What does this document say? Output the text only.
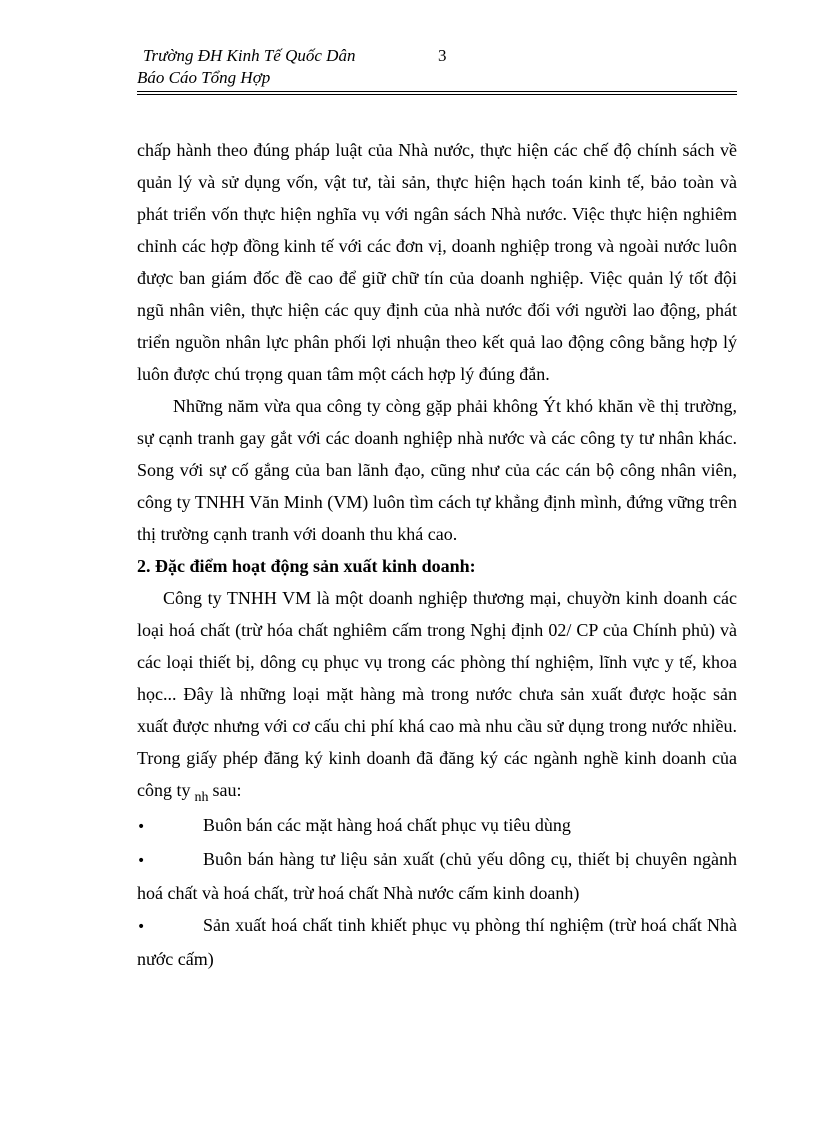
Trường ĐH Kinh Tế Quốc Dân	3
Báo Cáo Tổng Hợp

chấp hành theo đúng pháp luật của Nhà nước, thực hiện các chế độ chính sách về quản lý và sử dụng vốn, vật tư, tài sản, thực hiện hạch toán kinh tế, bảo toàn và phát triển vốn thực hiện nghĩa vụ với ngân sách Nhà nước. Việc thực hiện nghiêm chỉnh các hợp đồng kinh tế với các đơn vị, doanh nghiệp trong và ngoài nước luôn được ban giám đốc đề cao để giữ chữ tín của doanh nghiệp. Việc quản lý tốt đội ngũ nhân viên, thực hiện các quy định của nhà nước đối với người lao động, phát triển nguồn nhân lực phân phối lợi nhuận theo kết quả lao động công bằng hợp lý luôn được chú trọng quan tâm một cách hợp lý đúng đắn.

Những năm vừa qua công ty còng gặp phải không Ýt khó khăn về thị trường, sự cạnh tranh gay gắt với các doanh nghiệp nhà nước và các công ty tư nhân khác. Song với sự cố gắng của ban lãnh đạo, cũng như của các cán bộ công nhân viên, công ty TNHH Văn Minh (VM) luôn tìm cách tự khẳng định mình, đứng vững trên thị trường cạnh tranh với doanh thu khá cao.

2. Đặc điểm hoạt động sản xuất kinh doanh:

Công ty TNHH VM là một doanh nghiệp thương mại, chuyờn kinh doanh các loại hoá chất (trừ hóa chất nghiêm cấm trong Nghị định 02/ CP của Chính phủ) và các loại thiết bị, dông cụ phục vụ trong các phòng thí nghiệm, lĩnh vực y tế, khoa học... Đây là những loại mặt hàng mà trong nước chưa sản xuất được hoặc sản xuất được nhưng với cơ cấu chi phí khá cao mà nhu cầu sử dụng trong nước nhiều. Trong giấy phép đăng ký kinh doanh đã đăng ký các ngành nghề kinh doanh của công ty $_{nh}$ sau:

•	Buôn bán các mặt hàng hoá chất phục vụ tiêu dùng

•	Buôn bán hàng tư liệu sản xuất (chủ yếu dông cụ, thiết bị chuyên ngành hoá chất và hoá chất, trừ hoá chất Nhà nước cấm kinh doanh)

•	Sản xuất hoá chất tinh khiết phục vụ phòng thí nghiệm (trừ hoá chất Nhà nước cấm)
